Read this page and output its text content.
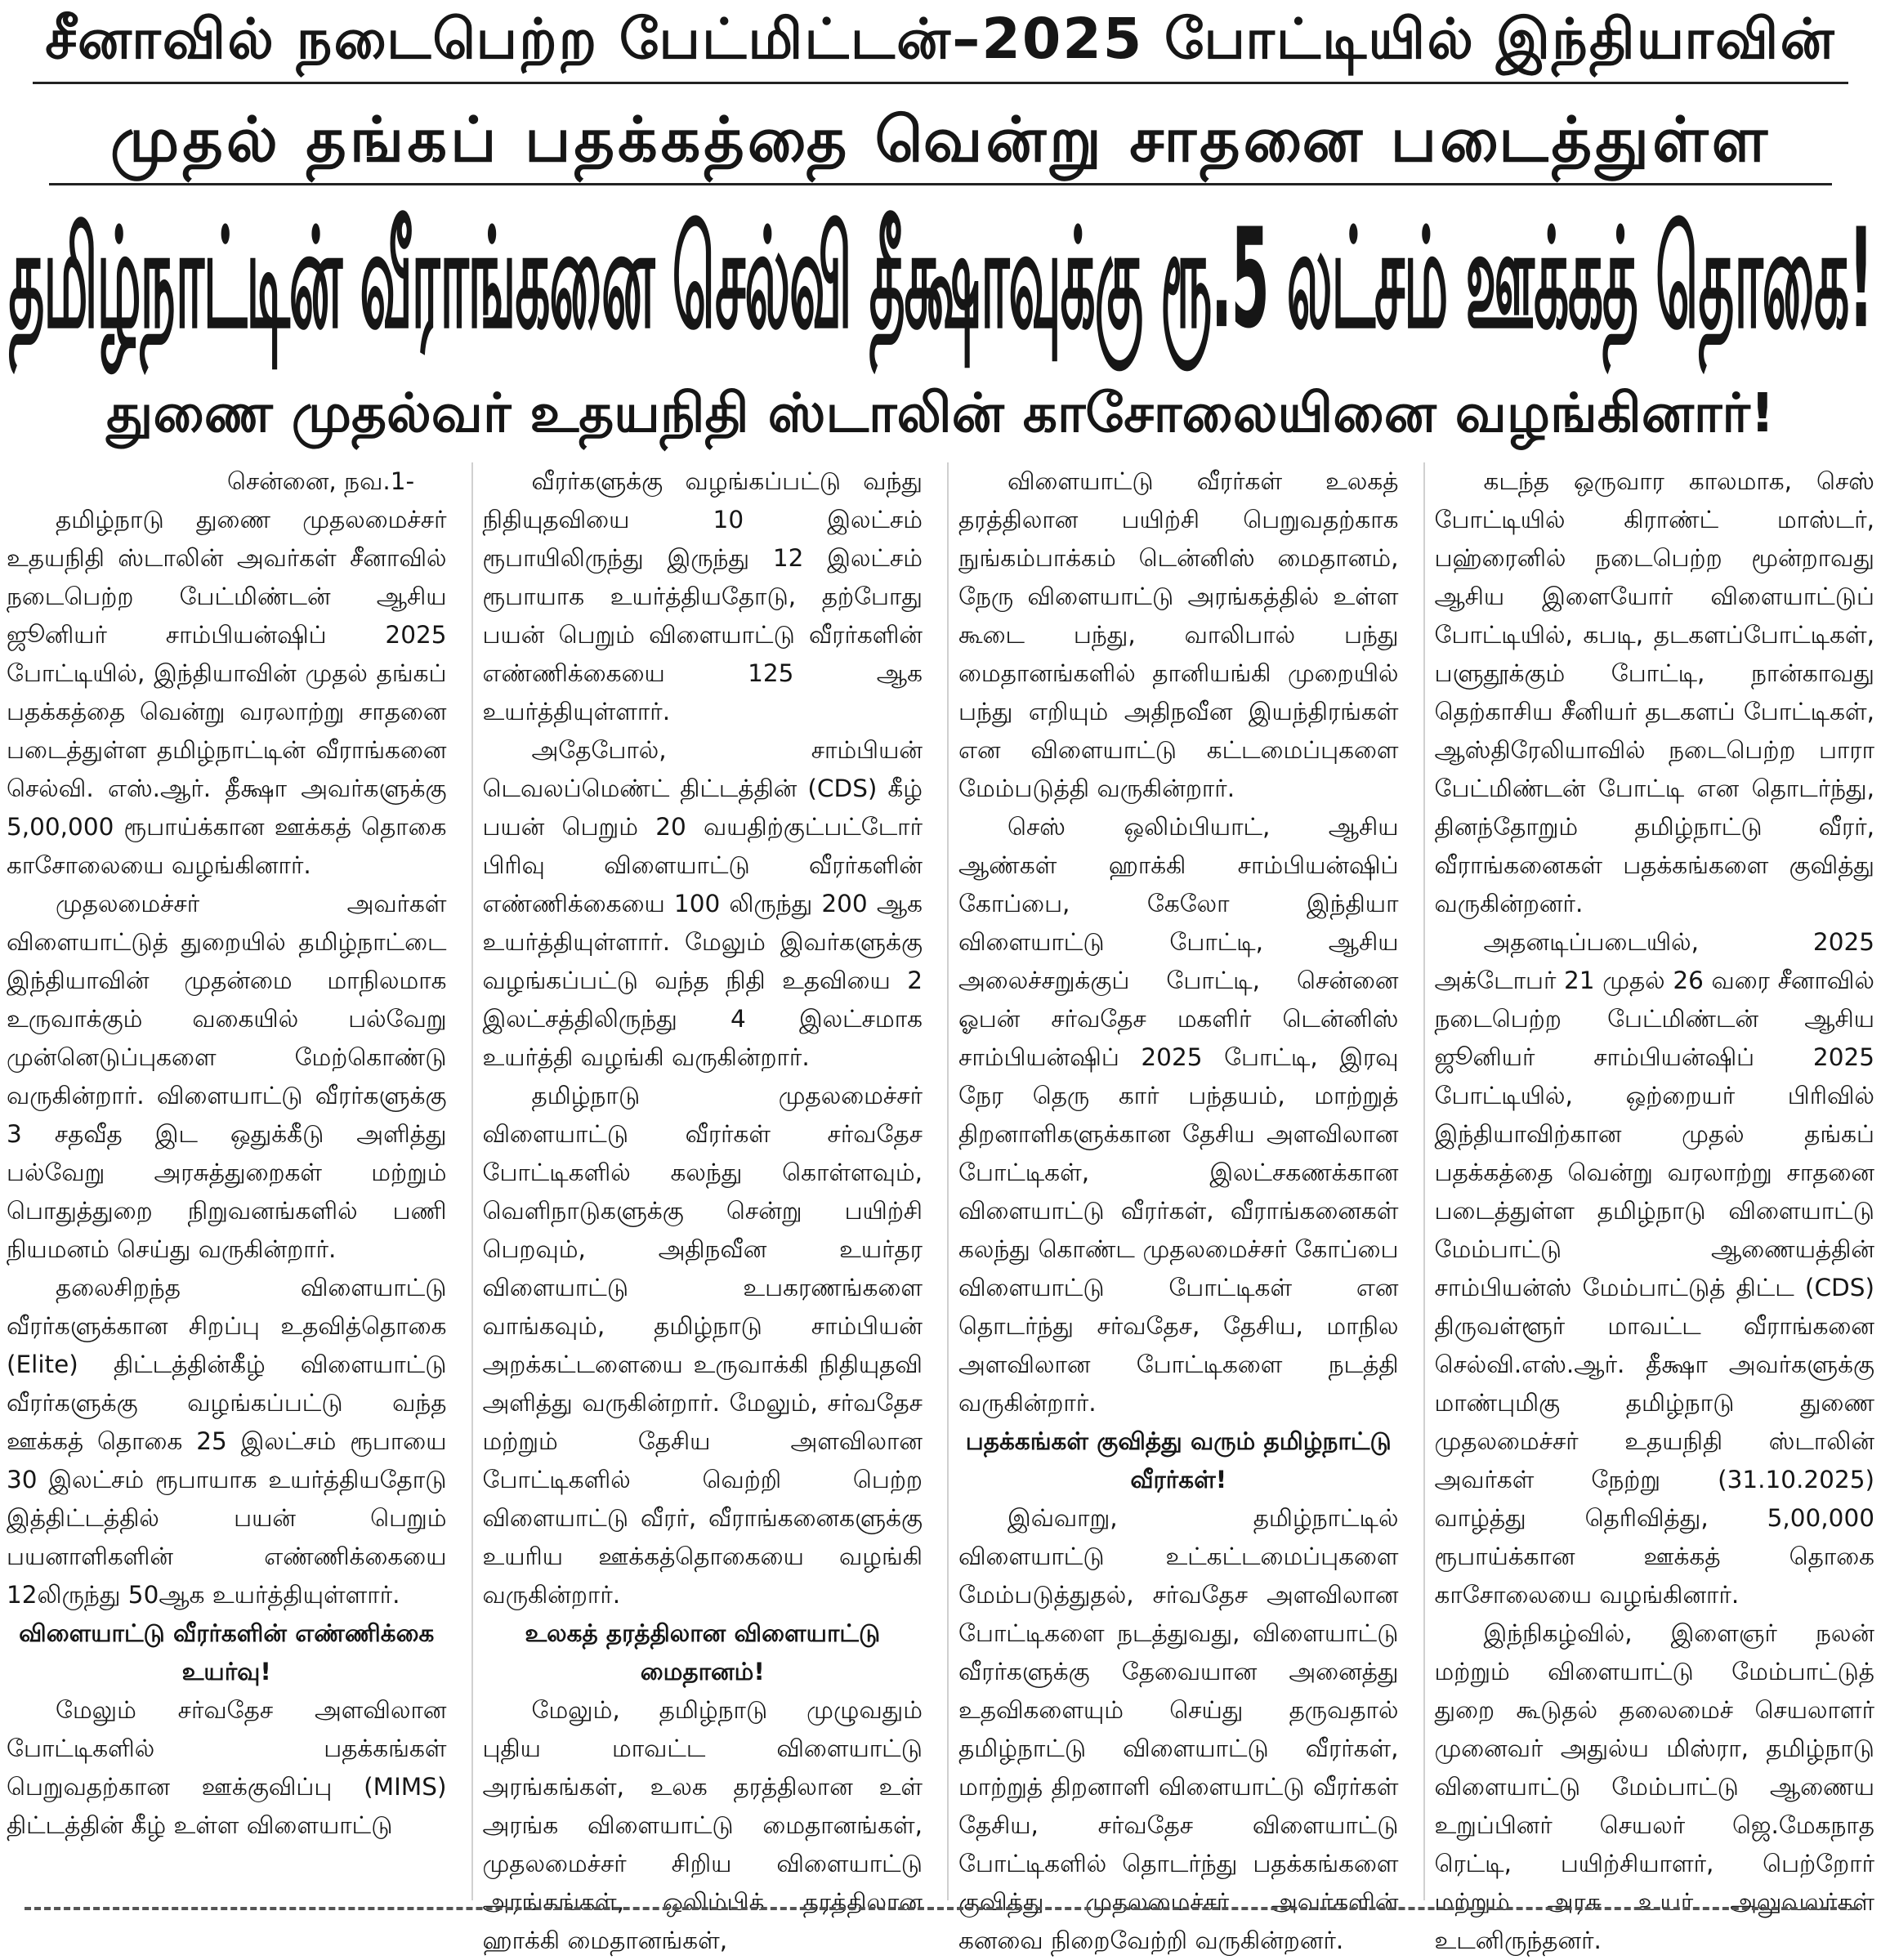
சீனாவில் நடைபெற்ற பேட்மிட்டன்–2025 போட்டியில் இந்தியாவின்
முதல் தங்கப் பதக்கத்தை வென்று சாதனை படைத்துள்ள
தமிழ்நாட்டின் வீராங்கனை செல்வி தீக்ஷாவுக்கு ரூ.5 லட்சம் ஊக்கத் தொகை!
துணை முதல்வர் உதயநிதி ஸ்டாலின் காசோலையினை வழங்கினார்!

சென்னை, நவ.1-

தமிழ்நாடு துணை முதலமைச்சர் உதயநிதி ஸ்டாலின் அவர்கள் சீனாவில் நடைபெற்ற பேட்மிண்டன் ஆசிய ஜூனியர் சாம்பியன்ஷிப் 2025 போட்டியில், இந்தியாவின் முதல் தங்கப் பதக்கத்தை வென்று வரலாற்று சாதனை படைத்துள்ள தமிழ்நாட்டின் வீராங்கனை செல்வி. எஸ்.ஆர். தீக்ஷா அவர்களுக்கு 5,00,000 ரூபாய்க்கான ஊக்கத் தொகை காசோலையை வழங்கினார்.

முதலமைச்சர் அவர்கள் விளையாட்டுத் துறையில் தமிழ்நாட்டை இந்தியாவின் முதன்மை மாநிலமாக உருவாக்கும் வகையில் பல்வேறு முன்னெடுப்புகளை மேற்கொண்டு வருகின்றார். விளையாட்டு வீரர்களுக்கு 3 சதவீத இட ஒதுக்கீடு அளித்து பல்வேறு அரசுத்துறைகள் மற்றும் பொதுத்துறை நிறுவனங்களில் பணி நியமனம் செய்து வருகின்றார்.

தலைசிறந்த விளையாட்டு வீரர்களுக்கான சிறப்பு உதவித்தொகை (Elite) திட்டத்தின்கீழ் விளையாட்டு வீரர்களுக்கு வழங்கப்பட்டு வந்த ஊக்கத் தொகை 25 இலட்சம் ரூபாயை 30 இலட்சம் ரூபாயாக உயர்த்தியதோடு இத்திட்டத்தில் பயன் பெறும் பயனாளிகளின் எண்ணிக்கையை 12லிருந்து 50ஆக உயர்த்தியுள்ளார்.

விளையாட்டு வீரர்களின் எண்ணிக்கை உயர்வு!

மேலும் சர்வதேச அளவிலான போட்டிகளில் பதக்கங்கள் பெறுவதற்கான ஊக்குவிப்பு (MIMS) திட்டத்தின் கீழ் உள்ள விளையாட்டு

வீரர்களுக்கு வழங்கப்பட்டு வந்து நிதியுதவியை 10 இலட்சம் ரூபாயிலிருந்து இருந்து 12 இலட்சம் ரூபாயாக உயர்த்தியதோடு, தற்போது பயன் பெறும் விளையாட்டு வீரர்களின் எண்ணிக்கையை 125 ஆக உயர்த்தியுள்ளார்.

அதேபோல், சாம்பியன் டெவலப்மெண்ட் திட்டத்தின் (CDS) கீழ் பயன் பெறும் 20 வயதிற்குட்பட்டோர் பிரிவு விளையாட்டு வீரர்களின் எண்ணிக்கையை 100 லிருந்து 200 ஆக உயர்த்தியுள்ளார். மேலும் இவர்களுக்கு வழங்கப்பட்டு வந்த நிதி உதவியை 2 இலட்சத்திலிருந்து 4 இலட்சமாக உயர்த்தி வழங்கி வருகின்றார்.

தமிழ்நாடு முதலமைச்சர் விளையாட்டு வீரர்கள் சர்வதேச போட்டிகளில் கலந்து கொள்ளவும், வெளிநாடுகளுக்கு சென்று பயிற்சி பெறவும், அதிநவீன உயர்தர விளையாட்டு உபகரணங்களை வாங்கவும், தமிழ்நாடு சாம்பியன் அறக்கட்டளையை உருவாக்கி நிதியுதவி அளித்து வருகின்றார். மேலும், சர்வதேச மற்றும் தேசிய அளவிலான போட்டிகளில் வெற்றி பெற்ற விளையாட்டு வீரர், வீராங்கனைகளுக்கு உயரிய ஊக்கத்தொகையை வழங்கி வருகின்றார்.

உலகத் தரத்திலான விளையாட்டு மைதானம்!

மேலும், தமிழ்நாடு முழுவதும் புதிய மாவட்ட விளையாட்டு அரங்கங்கள், உலக தரத்திலான உள் அரங்க விளையாட்டு மைதானங்கள், முதலமைச்சர் சிறிய விளையாட்டு அரங்கங்கள், ஒலிம்பிக் தரத்திலான ஹாக்கி மைதானங்கள்,

விளையாட்டு வீரர்கள் உலகத் தரத்திலான பயிற்சி பெறுவதற்காக நுங்கம்பாக்கம் டென்னிஸ் மைதானம், நேரு விளையாட்டு அரங்கத்தில் உள்ள கூடை பந்து, வாலிபால் பந்து மைதானங்களில் தானியங்கி முறையில் பந்து எறியும் அதிநவீன இயந்திரங்கள் என விளையாட்டு கட்டமைப்புகளை மேம்படுத்தி வருகின்றார்.

செஸ் ஒலிம்பியாட், ஆசிய ஆண்கள் ஹாக்கி சாம்பியன்ஷிப் கோப்பை, கேலோ இந்தியா விளையாட்டு போட்டி, ஆசிய அலைச்சறுக்குப் போட்டி, சென்னை ஓபன் சர்வதேச மகளிர் டென்னிஸ் சாம்பியன்ஷிப் 2025 போட்டி, இரவு நேர தெரு கார் பந்தயம், மாற்றுத் திறனாளிகளுக்கான தேசிய அளவிலான போட்டிகள், இலட்சகணக்கான விளையாட்டு வீரர்கள், வீராங்கனைகள் கலந்து கொண்ட முதலமைச்சர் கோப்பை விளையாட்டு போட்டிகள் என தொடர்ந்து சர்வதேச, தேசிய, மாநில அளவிலான போட்டிகளை நடத்தி வருகின்றார்.

பதக்கங்கள் குவித்து வரும் தமிழ்நாட்டு வீரர்கள்!

இவ்வாறு, தமிழ்நாட்டில் விளையாட்டு உட்கட்டமைப்புகளை மேம்படுத்துதல், சர்வதேச அளவிலான போட்டிகளை நடத்துவது, விளையாட்டு வீரர்களுக்கு தேவையான அனைத்து உதவிகளையும் செய்து தருவதால் தமிழ்நாட்டு விளையாட்டு வீரர்கள், மாற்றுத் திறனாளி விளையாட்டு வீரர்கள் தேசிய, சர்வதேச விளையாட்டு போட்டிகளில் தொடர்ந்து பதக்கங்களை குவித்து முதலமைச்சர் அவர்களின் கனவை நிறைவேற்றி வருகின்றனர்.

கடந்த ஒருவார காலமாக, செஸ் போட்டியில் கிராண்ட் மாஸ்டர், பஹ்ரைனில் நடைபெற்ற மூன்றாவது ஆசிய இளையோர் விளையாட்டுப் போட்டியில், கபடி, தடகளப்போட்டிகள், பளுதூக்கும் போட்டி, நான்காவது தெற்காசிய சீனியர் தடகளப் போட்டிகள், ஆஸ்திரேலியாவில் நடைபெற்ற பாரா பேட்மிண்டன் போட்டி என தொடர்ந்து, தினந்தோறும் தமிழ்நாட்டு வீரர், வீராங்கனைகள் பதக்கங்களை குவித்து வருகின்றனர்.

அதனடிப்படையில், 2025 அக்டோபர் 21 முதல் 26 வரை சீனாவில் நடைபெற்ற பேட்மிண்டன் ஆசிய ஜூனியர் சாம்பியன்ஷிப் 2025 போட்டியில், ஒற்றையர் பிரிவில் இந்தியாவிற்கான முதல் தங்கப் பதக்கத்தை வென்று வரலாற்று சாதனை படைத்துள்ள தமிழ்நாடு விளையாட்டு மேம்பாட்டு ஆணையத்தின் சாம்பியன்ஸ் மேம்பாட்டுத் திட்ட (CDS) திருவள்ளூர் மாவட்ட வீராங்கனை செல்வி.எஸ்.ஆர். தீக்ஷா அவர்களுக்கு மாண்புமிகு தமிழ்நாடு துணை முதலமைச்சர் உதயநிதி ஸ்டாலின் அவர்கள் நேற்று (31.10.2025) வாழ்த்து தெரிவித்து, 5,00,000 ரூபாய்க்கான ஊக்கத் தொகை காசோலையை வழங்கினார்.

இந்நிகழ்வில், இளைஞர் நலன் மற்றும் விளையாட்டு மேம்பாட்டுத் துறை கூடுதல் தலைமைச் செயலாளர் முனைவர் அதுல்ய மிஸ்ரா, தமிழ்நாடு விளையாட்டு மேம்பாட்டு ஆணைய உறுப்பினர் செயலர் ஜெ.மேகநாத ரெட்டி, பயிற்சியாளர், பெற்றோர் மற்றும் அரசு உயர் அலுவலர்கள் உடனிருந்தனர்.
